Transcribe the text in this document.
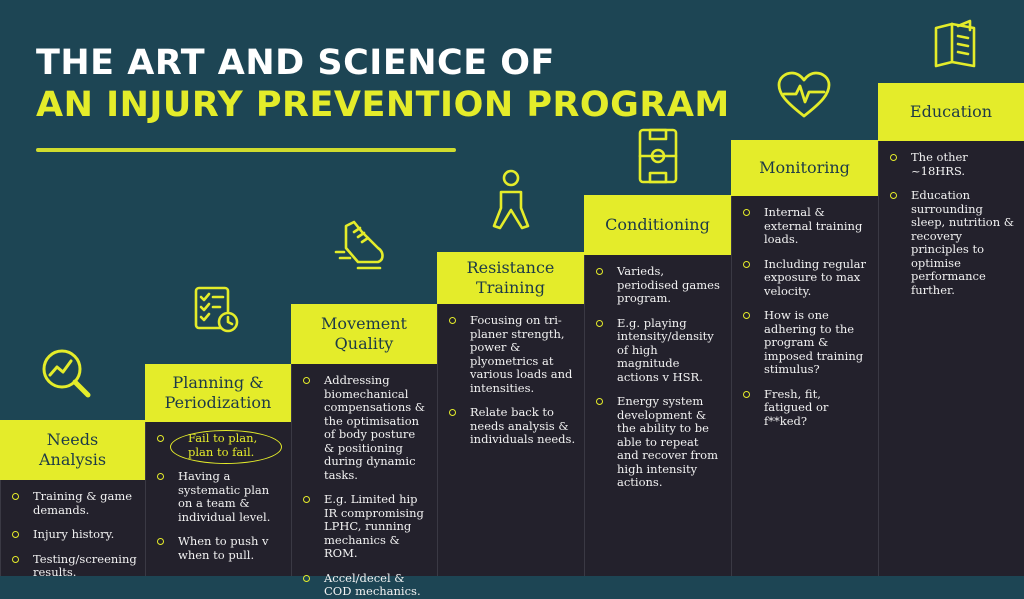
THE ART AND SCIENCE OF
AN INJURY PREVENTION PROGRAM
Needs
Analysis
Training & game demands.
Injury history.
Testing/screening results.
Planning &
Periodization
Fail to plan, plan to fail.
Having a systematic plan on a team & individual level.
When to push v when to pull.
Movement
Quality
Addressing biomechanical compensations & the optimisation of body posture & positioning during dynamic tasks.
E.g. Limited hip IR compromising LPHC, running mechanics & ROM.
Accel/decel & COD mechanics.
Resistance
Training
Focusing on tri-planer strength, power & plyometrics at various loads and intensities.
Relate back to needs analysis & individuals needs.
Conditioning
Varieds, periodised games program.
E.g. playing intensity/density of high magnitude actions v HSR.
Energy system development & the ability to be able to repeat and recover from high intensity actions.
Monitoring
Internal & external training loads.
Including regular exposure to max velocity.
How is one adhering to the program & imposed training stimulus?
Fresh, fit, fatigued or f**ked?
Education
The other ~18HRS.
Education surrounding sleep, nutrition & recovery principles to optimise performance further.
